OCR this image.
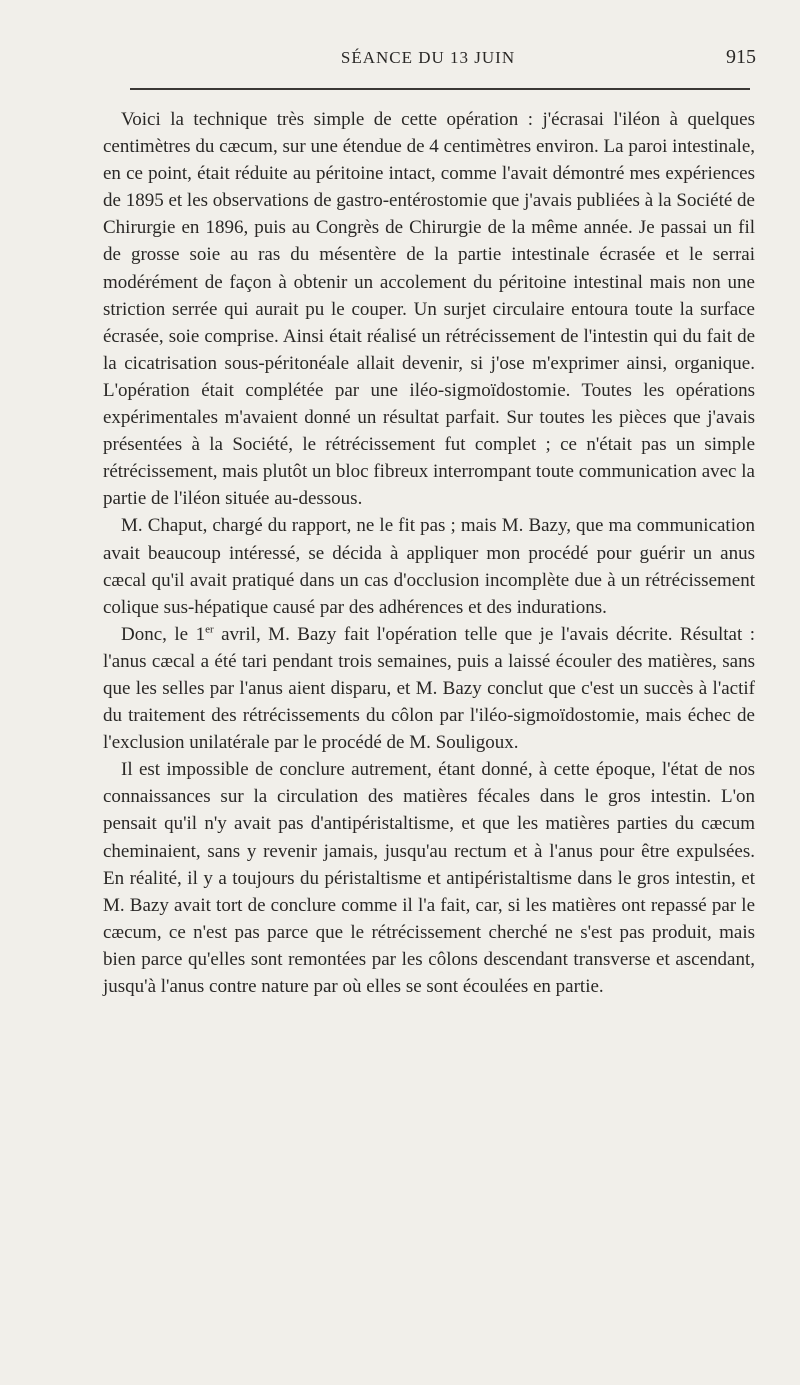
SÉANCE DU 13 JUIN	915

Voici la technique très simple de cette opération : j'écrasai l'iléon à quelques centimètres du cæcum, sur une étendue de 4 centimètres environ. La paroi intestinale, en ce point, était réduite au péritoine intact, comme l'avait démontré mes expériences de 1895 et les observations de gastro-entérostomie que j'avais publiées à la Société de Chirurgie en 1896, puis au Congrès de Chirurgie de la même année. Je passai un fil de grosse soie au ras du mésentère de la partie intestinale écrasée et le serrai modérément de façon à obtenir un accolement du péritoine intestinal mais non une striction serrée qui aurait pu le couper. Un surjet circulaire entoura toute la surface écrasée, soie comprise. Ainsi était réalisé un rétrécissement de l'intestin qui du fait de la cicatrisation sous-péritonéale allait devenir, si j'ose m'exprimer ainsi, organique. L'opération était complétée par une iléo-sigmoïdostomie. Toutes les opérations expérimentales m'avaient donné un résultat parfait. Sur toutes les pièces que j'avais présentées à la Société, le rétrécissement fut complet ; ce n'était pas un simple rétrécissement, mais plutôt un bloc fibreux interrompant toute communication avec la partie de l'iléon située au-dessous.

M. Chaput, chargé du rapport, ne le fit pas ; mais M. Bazy, que ma communication avait beaucoup intéressé, se décida à appliquer mon procédé pour guérir un anus cæcal qu'il avait pratiqué dans un cas d'occlusion incomplète due à un rétrécissement colique sus-hépatique causé par des adhérences et des indurations.

Donc, le 1er avril, M. Bazy fait l'opération telle que je l'avais décrite. Résultat : l'anus cæcal a été tari pendant trois semaines, puis a laissé écouler des matières, sans que les selles par l'anus aient disparu, et M. Bazy conclut que c'est un succès à l'actif du traitement des rétrécissements du côlon par l'iléo-sigmoïdostomie, mais échec de l'exclusion unilatérale par le procédé de M. Souligoux.

Il est impossible de conclure autrement, étant donné, à cette époque, l'état de nos connaissances sur la circulation des matières fécales dans le gros intestin. L'on pensait qu'il n'y avait pas d'antipéristaltisme, et que les matières parties du cæcum cheminaient, sans y revenir jamais, jusqu'au rectum et à l'anus pour être expulsées. En réalité, il y a toujours du péristaltisme et antipéristaltisme dans le gros intestin, et M. Bazy avait tort de conclure comme il l'a fait, car, si les matières ont repassé par le cæcum, ce n'est pas parce que le rétrécissement cherché ne s'est pas produit, mais bien parce qu'elles sont remontées par les côlons descendant transverse et ascendant, jusqu'à l'anus contre nature par où elles se sont écoulées en partie.
